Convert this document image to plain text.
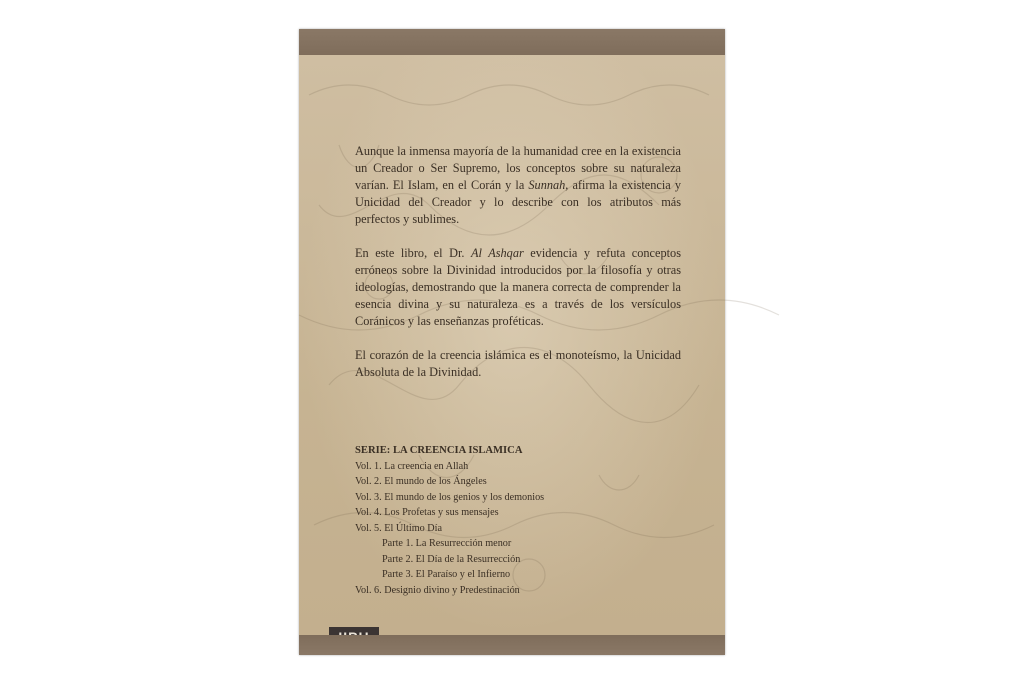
Aunque la inmensa mayoría de la humanidad cree en la existencia un Creador o Ser Supremo, los conceptos sobre su naturaleza varían. El Islam, en el Corán y la Sunnah, afirma la existencia y Unicidad del Creador y lo describe con los atributos más perfectos y sublimes.

En este libro, el Dr. Al Ashqar evidencia y refuta conceptos erróneos sobre la Divinidad introducidos por la filosofía y otras ideologías, demostrando que la manera correcta de comprender la esencia divina y su naturaleza es a través de los versículos Coránicos y las enseñanzas proféticas.

El corazón de la creencia islámica es el monoteísmo, la Unicidad Absoluta de la Divinidad.

SERIE: LA CREENCIA ISLAMICA
Vol. 1. La creencia en Allah
Vol. 2. El mundo de los Ángeles
Vol. 3. El mundo de los genios y los demonios
Vol. 4. Los Profetas y sus mensajes
Vol. 5. El Último Día
Parte 1. La Resurrección menor
Parte 2. El Día de la Resurrección
Parte 3. El Paraíso y el Infierno
Vol. 6. Designio divino y Predestinación
